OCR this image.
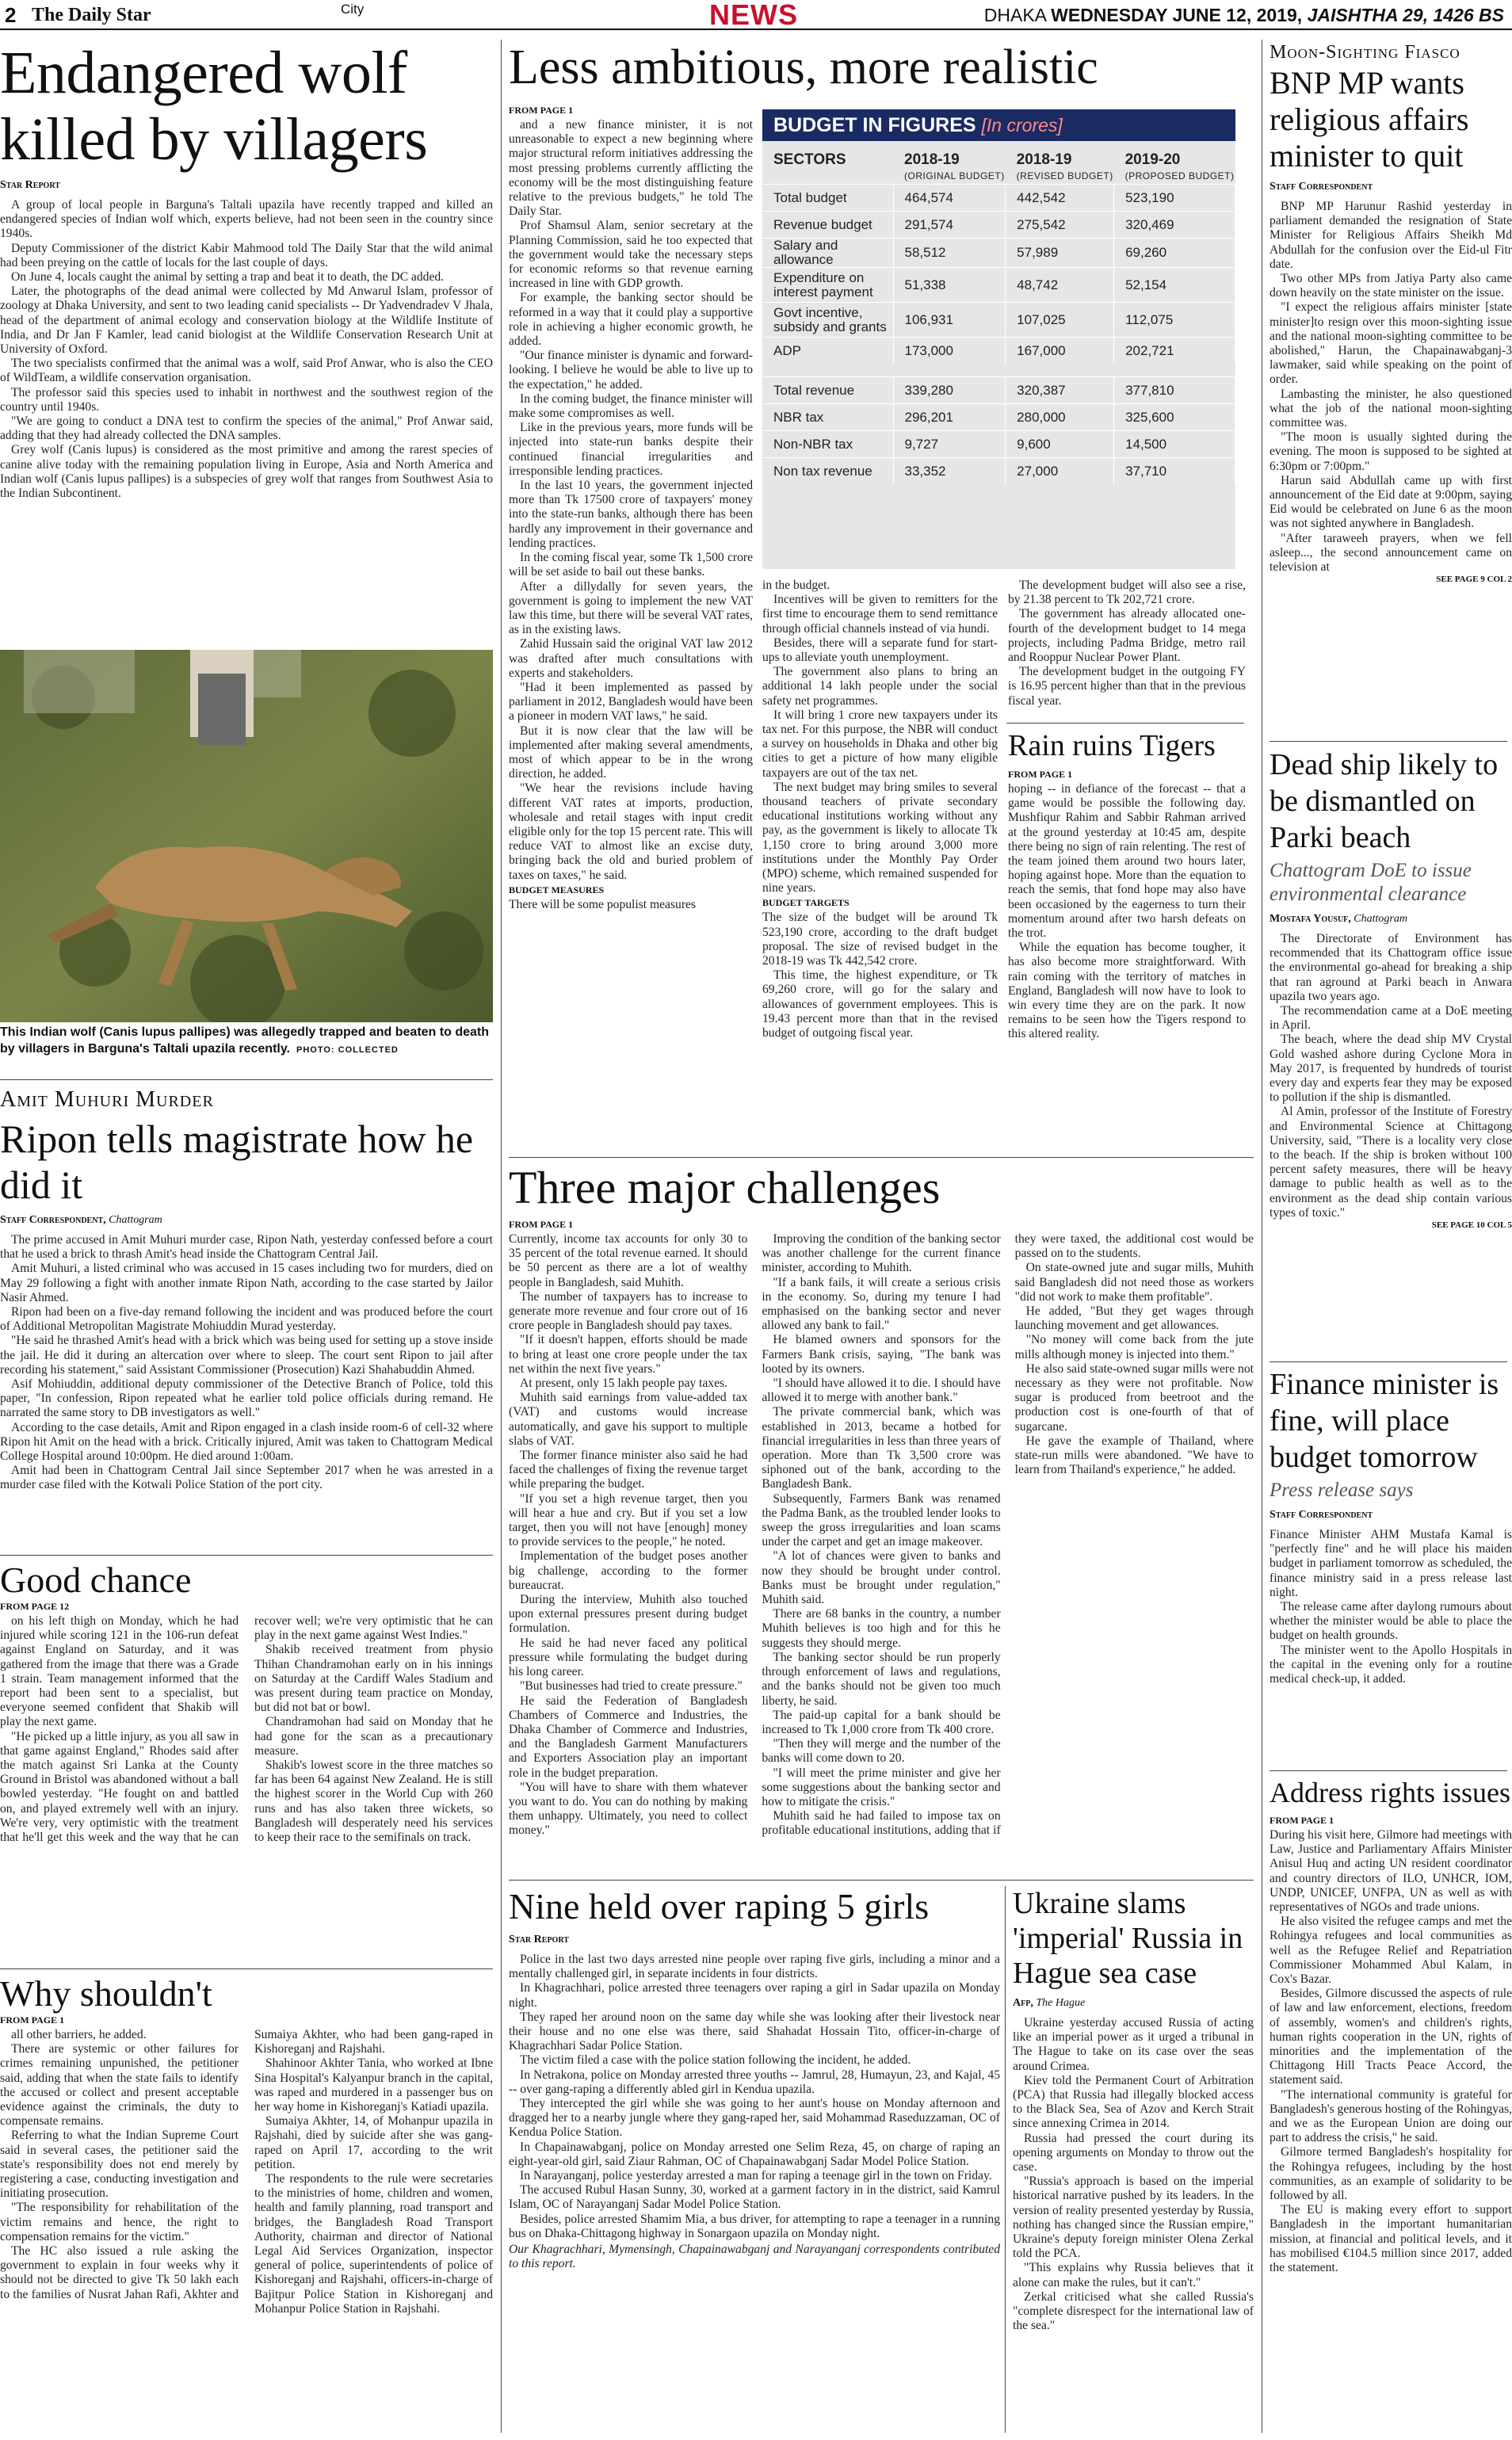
2 The Daily Star	City	NEWS	DHAKA WEDNESDAY JUNE 12, 2019, JAISHTHA 29, 1426 BS
Endangered wolf killed by villagers
Star Report

A group of local people in Barguna's Taltali upazila have recently trapped and killed an endangered species of Indian wolf which, experts believe, had not been seen in the country since 1940s.

Deputy Commissioner of the district Kabir Mahmood told The Daily Star that the wild animal had been preying on the cattle of locals for the last couple of days.

On June 4, locals caught the animal by setting a trap and beat it to death, the DC added.

Later, the photographs of the dead animal were collected by Md Anwarul Islam, professor of zoology at Dhaka University, and sent to two leading canid specialists -- Dr Yadvendradev V Jhala, head of the department of animal ecology and conservation biology at the Wildlife Institute of India, and Dr Jan F Kamler, lead canid biologist at the Wildlife Conservation Research Unit at University of Oxford.

The two specialists confirmed that the animal was a wolf, said Prof Anwar, who is also the CEO of WildTeam, a wildlife conservation organisation.

The professor said this species used to inhabit in northwest and the southwest region of the country until 1940s.

"We are going to conduct a DNA test to confirm the species of the animal," Prof Anwar said, adding that they had already collected the DNA samples.

Grey wolf (Canis lupus) is considered as the most primitive and among the rarest species of canine alive today with the remaining population living in Europe, Asia and North America and Indian wolf (Canis lupus pallipes) is a subspecies of grey wolf that ranges from Southwest Asia to the Indian Subcontinent.

This Indian wolf (Canis lupus pallipes) was allegedly trapped and beaten to death by villagers in Barguna's Taltali upazila recently. PHOTO: COLLECTED
Amit Muhuri Murder
Ripon tells magistrate how he did it
Staff Correspondent, Chattogram

The prime accused in Amit Muhuri murder case, Ripon Nath, yesterday confessed before a court that he used a brick to thrash Amit's head inside the Chattogram Central Jail.

Amit Muhuri, a listed criminal who was accused in 15 cases including two for murders, died on May 29 following a fight with another inmate Ripon Nath, according to the case started by Jailor Nasir Ahmed.

Ripon had been on a five-day remand following the incident and was produced before the court of Additional Metropolitan Magistrate Mohiuddin Murad yesterday.

"He said he thrashed Amit's head with a brick which was being used for setting up a stove inside the jail. He did it during an altercation over where to sleep. The court sent Ripon to jail after recording his statement," said Assistant Commissioner (Prosecution) Kazi Shahabuddin Ahmed.

Asif Mohiuddin, additional deputy commissioner of the Detective Branch of Police, told this paper, "In confession, Ripon repeated what he earlier told police officials during remand. He narrated the same story to DB investigators as well."

According to the case details, Amit and Ripon engaged in a clash inside room-6 of cell-32 where Ripon hit Amit on the head with a brick. Critically injured, Amit was taken to Chattogram Medical College Hospital around 10:00pm. He died around 1:00am.

Amit had been in Chattogram Central Jail since September 2017 when he was arrested in a murder case filed with the Kotwali Police Station of the port city.

Good chance
FROM PAGE 12

on his left thigh on Monday, which he had injured while scoring 121 in the 106-run defeat against England on Saturday, and it was gathered from the image that there was a Grade 1 strain. Team management informed that the report had been sent to a specialist, but everyone seemed confident that Shakib will play the next game.

"He picked up a little injury, as you all saw in that game against England," Rhodes said after the match against Sri Lanka at the County Ground in Bristol was abandoned without a ball bowled yesterday. "He fought on and battled on, and played extremely well with an injury. We're very, very optimistic with the treatment that he'll get this week and the way that he can recover well; we're very optimistic that he can play in the next game against West Indies."

Shakib received treatment from physio Thihan Chandramohan early on in his innings on Saturday at the Cardiff Wales Stadium and was present during team practice on Monday, but did not bat or bowl.

Chandramohan had said on Monday that he had gone for the scan as a precautionary measure.

Shakib's lowest score in the three matches so far has been 64 against New Zealand. He is still the highest scorer in the World Cup with 260 runs and has also taken three wickets, so Bangladesh will desperately need his services to keep their race to the semifinals on track.

Why shouldn't
FROM PAGE 1

all other barriers, he added.

There are systemic or other failures for crimes remaining unpunished, the petitioner said, adding that when the state fails to identify the accused or collect and present acceptable evidence against the criminals, the duty to compensate remains.

Referring to what the Indian Supreme Court said in several cases, the petitioner said the state's responsibility does not end merely by registering a case, conducting investigation and initiating prosecution.

"The responsibility for rehabilitation of the victim remains and hence, the right to compensation remains for the victim."

The HC also issued a rule asking the government to explain in four weeks why it should not be directed to give Tk 50 lakh each to the families of Nusrat Jahan Rafi, Akhter and Sumaiya Akhter, who had been gang-raped in Kishoreganj and Rajshahi.

Shahinoor Akhter Tania, who worked at Ibne Sina Hospital's Kalyanpur branch in the capital, was raped and murdered in a passenger bus on her way home in Kishoreganj's Katiadi upazila.

Sumaiya Akhter, 14, of Mohanpur upazila in Rajshahi, died by suicide after she was gang-raped on April 17, according to the writ petition.

The respondents to the rule were secretaries to the ministries of home, children and women, health and family planning, road transport and bridges, the Bangladesh Road Transport Authority, chairman and director of National Legal Aid Services Organization, inspector general of police, superintendents of police of Kishoreganj and Rajshahi, officers-in-charge of Bajitpur Police Station in Kishoreganj and Mohanpur Police Station in Rajshahi.

Less ambitious, more realistic
FROM PAGE 1

and a new finance minister, it is not unreasonable to expect a new beginning where major structural reform initiatives addressing the most pressing problems currently afflicting the economy will be the most distinguishing feature relative to the previous budgets," he told The Daily Star.

Prof Shamsul Alam, senior secretary at the Planning Commission, said he too expected that the government would take the necessary steps for economic reforms so that revenue earning increased in line with GDP growth.

For example, the banking sector should be reformed in a way that it could play a supportive role in achieving a higher economic growth, he added.

"Our finance minister is dynamic and forward-looking. I believe he would be able to live up to the expectation," he added.

In the coming budget, the finance minister will make some compromises as well.

Like in the previous years, more funds will be injected into state-run banks despite their continued financial irregularities and irresponsible lending practices.

In the last 10 years, the government injected more than Tk 17500 crore of taxpayers' money into the state-run banks, although there has been hardly any improvement in their governance and lending practices.

In the coming fiscal year, some Tk 1,500 crore will be set aside to bail out these banks.

After a dillydally for seven years, the government is going to implement the new VAT law this time, but there will be several VAT rates, as in the existing laws.

Zahid Hussain said the original VAT law 2012 was drafted after much consultations with experts and stakeholders.

"Had it been implemented as passed by parliament in 2012, Bangladesh would have been a pioneer in modern VAT laws," he said.

But it is now clear that the law will be implemented after making several amendments, most of which appear to be in the wrong direction, he added.

"We hear the revisions include having different VAT rates at imports, production, wholesale and retail stages with input credit eligible only for the top 15 percent rate. This will reduce VAT to almost like an excise duty, bringing back the old and buried problem of taxes on taxes," he said.

BUDGET MEASURES

There will be some populist measures

BUDGET IN FIGURES [In crores]
SECTORS	2018-19
(ORIGINAL BUDGET)	2018-19
(REVISED BUDGET)	2019-20
(PROPOSED BUDGET)

Total budget	464,574	442,542	523,190
Revenue budget	291,574	275,542	320,469
Salary and allowance	58,512	57,989	69,260
Expenditure on interest payment	51,338	48,742	52,154
Govt incentive, subsidy and grants	106,931	107,025	112,075
ADP	173,000	167,000	202,721

Total revenue	339,280	320,387	377,810
NBR tax	296,201	280,000	325,600
Non-NBR tax	9,727	9,600	14,500
Non tax revenue	33,352	27,000	37,710

in the budget.

Incentives will be given to remitters for the first time to encourage them to send remittance through official channels instead of via hundi.

Besides, there will a separate fund for start-ups to alleviate youth unemployment.

The government also plans to bring an additional 14 lakh people under the social safety net programmes.

It will bring 1 crore new taxpayers under its tax net. For this purpose, the NBR will conduct a survey on households in Dhaka and other big cities to get a picture of how many eligible taxpayers are out of the tax net.

The next budget may bring smiles to several thousand teachers of private secondary educational institutions working without any pay, as the government is likely to allocate Tk 1,150 crore to bring around 3,000 more institutions under the Monthly Pay Order (MPO) scheme, which remained suspended for nine years.

BUDGET TARGETS

The size of the budget will be around Tk 523,190 crore, according to the draft budget proposal. The size of revised budget in the 2018-19 was Tk 442,542 crore.

This time, the highest expenditure, or Tk 69,260 crore, will go for the salary and allowances of government employees. This is 19.43 percent more than that in the revised budget of outgoing fiscal year.

The development budget will also see a rise, by 21.38 percent to Tk 202,721 crore.

The government has already allocated one-fourth of the development budget to 14 mega projects, including Padma Bridge, metro rail and Rooppur Nuclear Power Plant.

The development budget in the outgoing FY is 16.95 percent higher than that in the previous fiscal year.

Rain ruins Tigers
FROM PAGE 1

hoping -- in defiance of the forecast -- that a game would be possible the following day. Mushfiqur Rahim and Sabbir Rahman arrived at the ground yesterday at 10:45 am, despite there being no sign of rain relenting. The rest of the team joined them around two hours later, hoping against hope. More than the equation to reach the semis, that fond hope may also have been occasioned by the eagerness to turn their momentum around after two harsh defeats on the trot.

While the equation has become tougher, it has also become more straightforward. With rain coming with the territory of matches in England, Bangladesh will now have to look to win every time they are on the park. It now remains to be seen how the Tigers respond to this altered reality.

Three major challenges
FROM PAGE 1

Currently, income tax accounts for only 30 to 35 percent of the total revenue earned. It should be 50 percent as there are a lot of wealthy people in Bangladesh, said Muhith.

The number of taxpayers has to increase to generate more revenue and four crore out of 16 crore people in Bangladesh should pay taxes.

"If it doesn't happen, efforts should be made to bring at least one crore people under the tax net within the next five years."

At present, only 15 lakh people pay taxes.

Muhith said earnings from value-added tax (VAT) and customs would increase automatically, and gave his support to multiple slabs of VAT.

The former finance minister also said he had faced the challenges of fixing the revenue target while preparing the budget.

"If you set a high revenue target, then you will hear a hue and cry. But if you set a low target, then you will not have [enough] money to provide services to the people," he noted.

Implementation of the budget poses another big challenge, according to the former bureaucrat.

During the interview, Muhith also touched upon external pressures present during budget formulation.

He said he had never faced any political pressure while formulating the budget during his long career.

"But businesses had tried to create pressure."

He said the Federation of Bangladesh Chambers of Commerce and Industries, the Dhaka Chamber of Commerce and Industries, and the Bangladesh Garment Manufacturers and Exporters Association play an important role in the budget preparation.

"You will have to share with them whatever you want to do. You can do nothing by making them unhappy. Ultimately, you need to collect money."

Improving the condition of the banking sector was another challenge for the current finance minister, according to Muhith.

"If a bank fails, it will create a serious crisis in the economy. So, during my tenure I had emphasised on the banking sector and never allowed any bank to fail."

He blamed owners and sponsors for the Farmers Bank crisis, saying, "The bank was looted by its owners.

"I should have allowed it to die. I should have allowed it to merge with another bank."

The private commercial bank, which was established in 2013, became a hotbed for financial irregularities in less than three years of operation. More than Tk 3,500 crore was siphoned out of the bank, according to the Bangladesh Bank.

Subsequently, Farmers Bank was renamed the Padma Bank, as the troubled lender looks to sweep the gross irregularities and loan scams under the carpet and get an image makeover.

"A lot of chances were given to banks and now they should be brought under control. Banks must be brought under regulation," Muhith said.

There are 68 banks in the country, a number Muhith believes is too high and for this he suggests they should merge.

The banking sector should be run properly through enforcement of laws and regulations, and the banks should not be given too much liberty, he said.

The paid-up capital for a bank should be increased to Tk 1,000 crore from Tk 400 crore.

"Then they will merge and the number of the banks will come down to 20.

"I will meet the prime minister and give her some suggestions about the banking sector and how to mitigate the crisis."

Muhith said he had failed to impose tax on profitable educational institutions, adding that if they were taxed, the additional cost would be passed on to the students.

On state-owned jute and sugar mills, Muhith said Bangladesh did not need those as workers "did not work to make them profitable".

He added, "But they get wages through launching movement and get allowances.

"No money will come back from the jute mills although money is injected into them."

He also said state-owned sugar mills were not necessary as they were not profitable. Now sugar is produced from beetroot and the production cost is one-fourth of that of sugarcane.

He gave the example of Thailand, where state-run mills were abandoned. "We have to learn from Thailand's experience," he added.

Nine held over raping 5 girls
Star Report

Police in the last two days arrested nine people over raping five girls, including a minor and a mentally challenged girl, in separate incidents in four districts.

In Khagrachhari, police arrested three teenagers over raping a girl in Sadar upazila on Monday night.

They raped her around noon on the same day while she was looking after their livestock near their house and no one else was there, said Shahadat Hossain Tito, officer-in-charge of Khagrachhari Sadar Police Station.

The victim filed a case with the police station following the incident, he added.

In Netrakona, police on Monday arrested three youths -- Jamrul, 28, Humayun, 23, and Kajal, 45 -- over gang-raping a differently abled girl in Kendua upazila.

They intercepted the girl while she was going to her aunt's house on Monday afternoon and dragged her to a nearby jungle where they gang-raped her, said Mohammad Raseduzzaman, OC of Kendua Police Station.

In Chapainawabganj, police on Monday arrested one Selim Reza, 45, on charge of raping an eight-year-old girl, said Ziaur Rahman, OC of Chapainawabganj Sadar Model Police Station.

In Narayanganj, police yesterday arrested a man for raping a teenage girl in the town on Friday.

The accused Rubul Hasan Sunny, 30, worked at a garment factory in in the district, said Kamrul Islam, OC of Narayanganj Sadar Model Police Station.

Besides, police arrested Shamim Mia, a bus driver, for attempting to rape a teenager in a running bus on Dhaka-Chittagong highway in Sonargaon upazila on Monday night.

Our Khagrachhari, Mymensingh, Chapainawabganj and Narayanganj correspondents contributed to this report.

Ukraine slams 'imperial' Russia in Hague sea case
Afp, The Hague

Ukraine yesterday accused Russia of acting like an imperial power as it urged a tribunal in The Hague to take on its case over the seas around Crimea.

Kiev told the Permanent Court of Arbitration (PCA) that Russia had illegally blocked access to the Black Sea, Sea of Azov and Kerch Strait since annexing Crimea in 2014.

Russia had pressed the court during its opening arguments on Monday to throw out the case.

"Russia's approach is based on the imperial historical narrative pushed by its leaders. In the version of reality presented yesterday by Russia, nothing has changed since the Russian empire," Ukraine's deputy foreign minister Olena Zerkal told the PCA.

"This explains why Russia believes that it alone can make the rules, but it can't."

Zerkal criticised what she called Russia's "complete disrespect for the international law of the sea."

Moon-Sighting Fiasco
BNP MP wants religious affairs minister to quit
Staff Correspondent

BNP MP Harunur Rashid yesterday in parliament demanded the resignation of State Minister for Religious Affairs Sheikh Md Abdullah for the confusion over the Eid-ul Fitr date.

Two other MPs from Jatiya Party also came down heavily on the state minister on the issue.

"I expect the religious affairs minister [state minister]to resign over this moon-sighting issue and the national moon-sighting committee to be abolished," Harun, the Chapainawabganj-3 lawmaker, said while speaking on the point of order.

Lambasting the minister, he also questioned what the job of the national moon-sighting committee was.

"The moon is usually sighted during the evening. The moon is supposed to be sighted at 6:30pm or 7:00pm."

Harun said Abdullah came up with first announcement of the Eid date at 9:00pm, saying Eid would be celebrated on June 6 as the moon was not sighted anywhere in Bangladesh.

"After taraweeh prayers, when we fell asleep..., the second announcement came on television at

SEE PAGE 9 COL 2
Dead ship likely to be dismantled on Parki beach
Chattogram DoE to issue environmental clearance
Mostafa Yousuf, Chattogram

The Directorate of Environment has recommended that its Chattogram office issue the environmental go-ahead for breaking a ship that ran aground at Parki beach in Anwara upazila two years ago.

The recommendation came at a DoE meeting in April.

The beach, where the dead ship MV Crystal Gold washed ashore during Cyclone Mora in May 2017, is frequented by hundreds of tourist every day and experts fear they may be exposed to pollution if the ship is dismantled.

Al Amin, professor of the Institute of Forestry and Environmental Science at Chittagong University, said, "There is a locality very close to the beach. If the ship is broken without 100 percent safety measures, there will be heavy damage to public health as well as to the environment as the dead ship contain various types of toxic."

SEE PAGE 10 COL 5
Finance minister is fine, will place budget tomorrow
Press release says
Staff Correspondent

Finance Minister AHM Mustafa Kamal is "perfectly fine" and he will place his maiden budget in parliament tomorrow as scheduled, the finance ministry said in a press release last night.

The release came after daylong rumours about whether the minister would be able to place the budget on health grounds.

The minister went to the Apollo Hospitals in the capital in the evening only for a routine medical check-up, it added.

Address rights issues
FROM PAGE 1

During his visit here, Gilmore had meetings with Law, Justice and Parliamentary Affairs Minister Anisul Huq and acting UN resident coordinator and country directors of ILO, UNHCR, IOM, UNDP, UNICEF, UNFPA, UN as well as with representatives of NGOs and trade unions.

He also visited the refugee camps and met the Rohingya refugees and local communities as well as the Refugee Relief and Repatriation Commissioner Mohammed Abul Kalam, in Cox's Bazar.

Besides, Gilmore discussed the aspects of rule of law and law enforcement, elections, freedom of assembly, women's and children's rights, human rights cooperation in the UN, rights of minorities and the implementation of the Chittagong Hill Tracts Peace Accord, the statement said.

"The international community is grateful for Bangladesh's generous hosting of the Rohingyas, and we as the European Union are doing our part to address the crisis," he said.

Gilmore termed Bangladesh's hospitality for the Rohingya refugees, including by the host communities, as an example of solidarity to be followed by all.

The EU is making every effort to support Bangladesh in the important humanitarian mission, at financial and political levels, and it has mobilised €104.5 million since 2017, added the statement.
